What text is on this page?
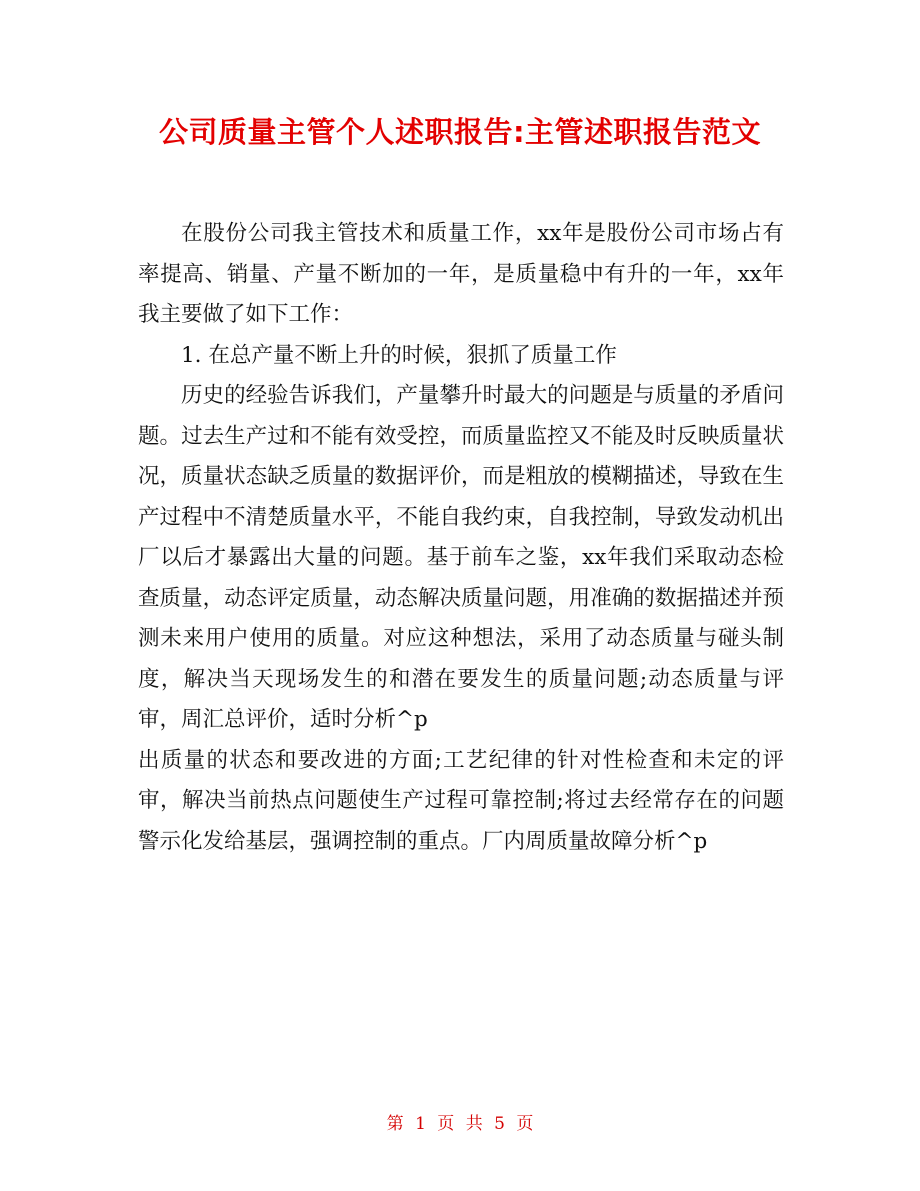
公司质量主管个人述职报告:主管述职报告范文

在股份公司我主管技术和质量工作，xx年是股份公司市场占有率提高、销量、产量不断加的一年，是质量稳中有升的一年，xx年我主要做了如下工作：

1. 在总产量不断上升的时候，狠抓了质量工作

历史的经验告诉我们，产量攀升时最大的问题是与质量的矛盾问题。过去生产过和不能有效受控，而质量监控又不能及时反映质量状况，质量状态缺乏质量的数据评价，而是粗放的模糊描述，导致在生产过程中不清楚质量水平，不能自我约束，自我控制，导致发动机出厂以后才暴露出大量的问题。基于前车之鉴，xx年我们采取动态检查质量，动态评定质量，动态解决质量问题，用准确的数据描述并预测未来用户使用的质量。对应这种想法，采用了动态质量与碰头制度，解决当天现场发生的和潜在要发生的质量问题;动态质量与评审，周汇总评价，适时分析^p

出质量的状态和要改进的方面;工艺纪律的针对性检查和未定的评审，解决当前热点问题使生产过程可靠控制;将过去经常存在的问题警示化发给基层，强调控制的重点。厂内周质量故障分析^p

第 1 页 共 5 页
